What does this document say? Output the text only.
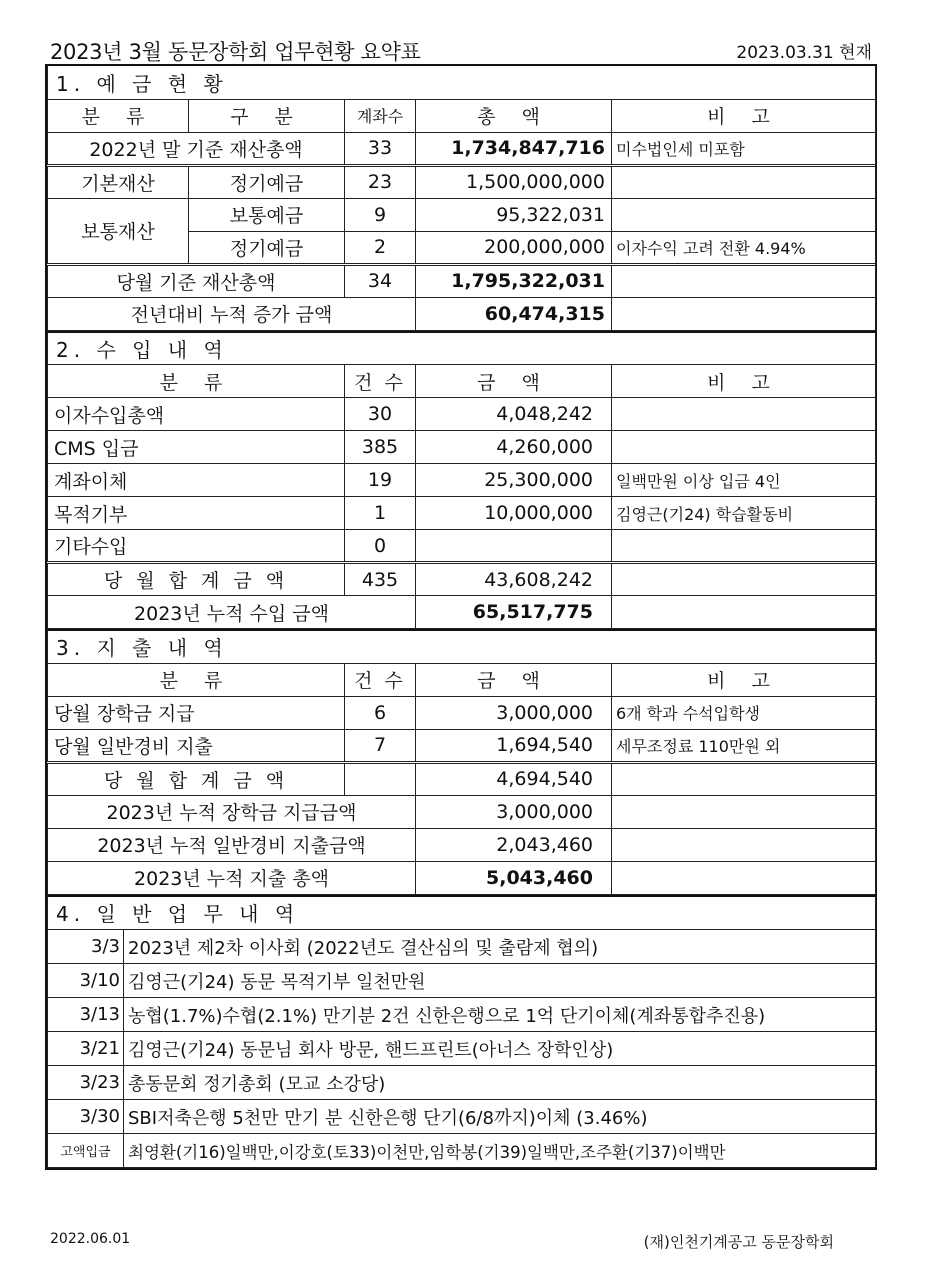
2023년 3월 동문장학회 업무현황 요약표	2023.03.31 현재
1. 예 금 현 황				
분 류	구 분	계좌수	총 액	비 고
2022년 말 기준 재산총액		33	1,734,847,716	미수법인세 미포함
기본재산	정기예금	23	1,500,000,000	
보통재산	보통예금	9	95,322,031	
	정기예금	2	200,000,000	이자수익 고려 전환 4.94%
당월 기준 재산총액		34	1,795,322,031	
전년대비 누적 증가 금액			60,474,315	
2. 수 입 내 역			
분 류	건 수	금 액	비 고
이자수입총액	30	4,048,242	
CMS 입금	385	4,260,000	
계좌이체	19	25,300,000	일백만원 이상 입금 4인
목적기부	1	10,000,000	김영근(기24) 학습활동비
기타수입	0		
당 월 합 계 금 액	435	43,608,242	
2023년 누적 수입 금액		65,517,775	
3. 지 출 내 역			
분 류	건 수	금 액	비 고
당월 장학금 지급	6	3,000,000	6개 학과 수석입학생
당월 일반경비 지출	7	1,694,540	세무조정료 110만원 외
당 월 합 계 금 액		4,694,540	
2023년 누적 장학금 지급금액		3,000,000	
2023년 누적 일반경비 지출금액		2,043,460	
2023년 누적 지출 총액		5,043,460	
4. 일 반 업 무 내 역	
3/3	2023년 제2차 이사회 (2022년도 결산심의 및 출람제 협의)
3/10	김영근(기24) 동문 목적기부 일천만원
3/13	농협(1.7%)수협(2.1%) 만기분 2건 신한은행으로 1억 단기이체(계좌통합추진용)
3/21	김영근(기24) 동문님 회사 방문, 핸드프린트(아너스 장학인상)
3/23	총동문회 정기총회 (모교 소강당)
3/30	SBI저축은행 5천만 만기 분 신한은행 단기(6/8까지)이체 (3.46%)
고액입금	최영환(기16)일백만,이강호(토33)이천만,임학봉(기39)일백만,조주환(기37)이백만
2022.06.01	(재)인천기계공고 동문장학회
